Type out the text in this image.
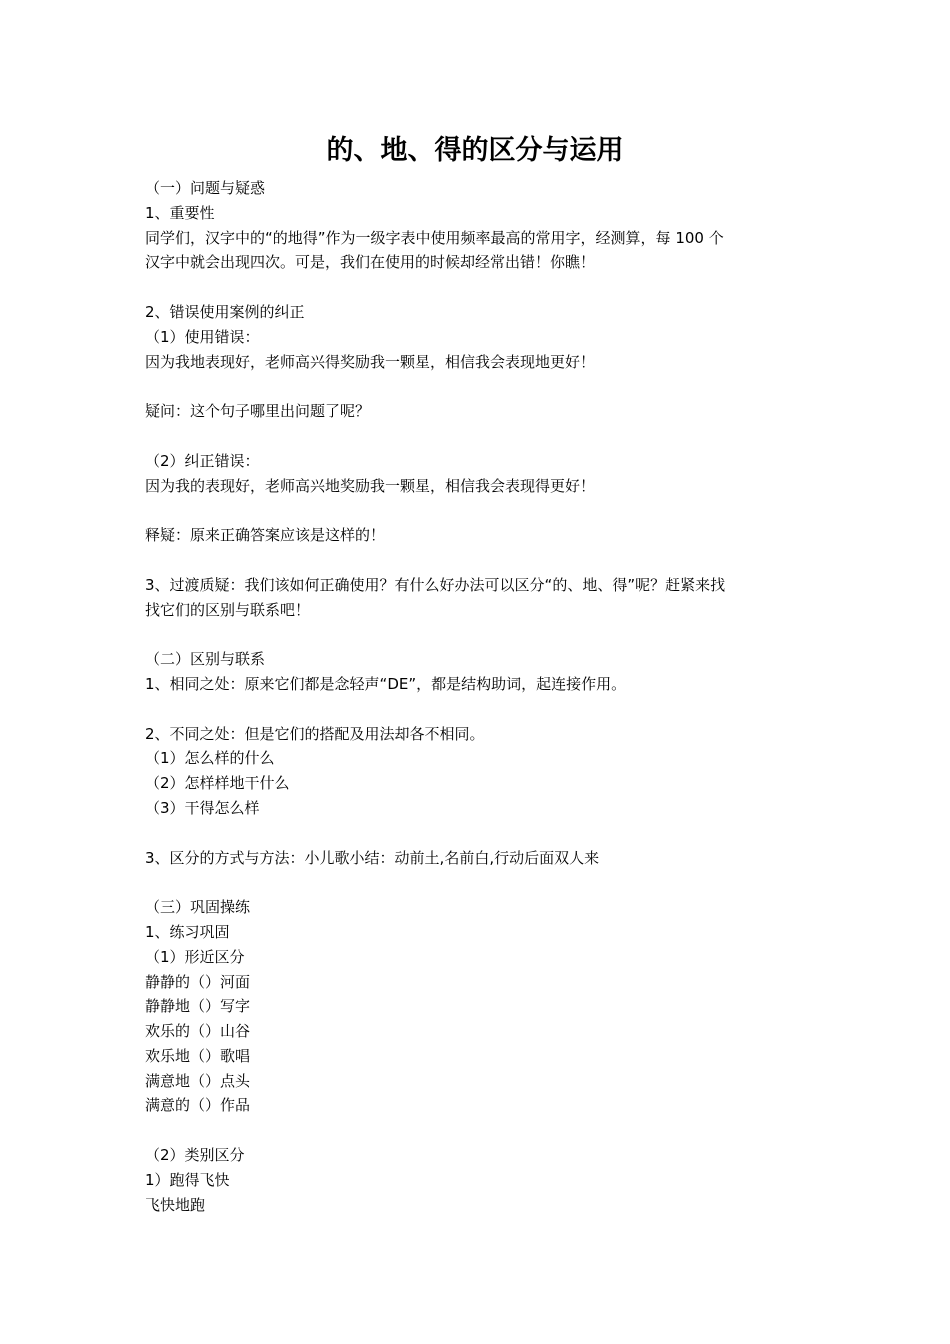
的、地、得的区分与运用

（一）问题与疑惑

1、重要性

同学们，汉字中的“的地得”作为一级字表中使用频率最高的常用字，经测算，每 100 个

汉字中就会出现四次。可是，我们在使用的时候却经常出错！你瞧！

2、错误使用案例的纠正

（1）使用错误：

因为我地表现好，老师高兴得奖励我一颗星，相信我会表现地更好！

疑问：这个句子哪里出问题了呢？

（2）纠正错误：

因为我的表现好，老师高兴地奖励我一颗星，相信我会表现得更好！

释疑：原来正确答案应该是这样的！

3、过渡质疑：我们该如何正确使用？有什么好办法可以区分“的、地、得”呢？赶紧来找

找它们的区别与联系吧！

（二）区别与联系

1、相同之处：原来它们都是念轻声“DE”，都是结构助词，起连接作用。

2、不同之处：但是它们的搭配及用法却各不相同。

（1）怎么样的什么

（2）怎样样地干什么

（3）干得怎么样

3、区分的方式与方法：小儿歌小结：动前土,名前白,行动后面双人来

（三）巩固操练

1、练习巩固

（1）形近区分

静静的（）河面

静静地（）写字

欢乐的（）山谷

欢乐地（）歌唱

满意地（）点头

满意的（）作品

（2）类别区分

1）跑得飞快

飞快地跑
